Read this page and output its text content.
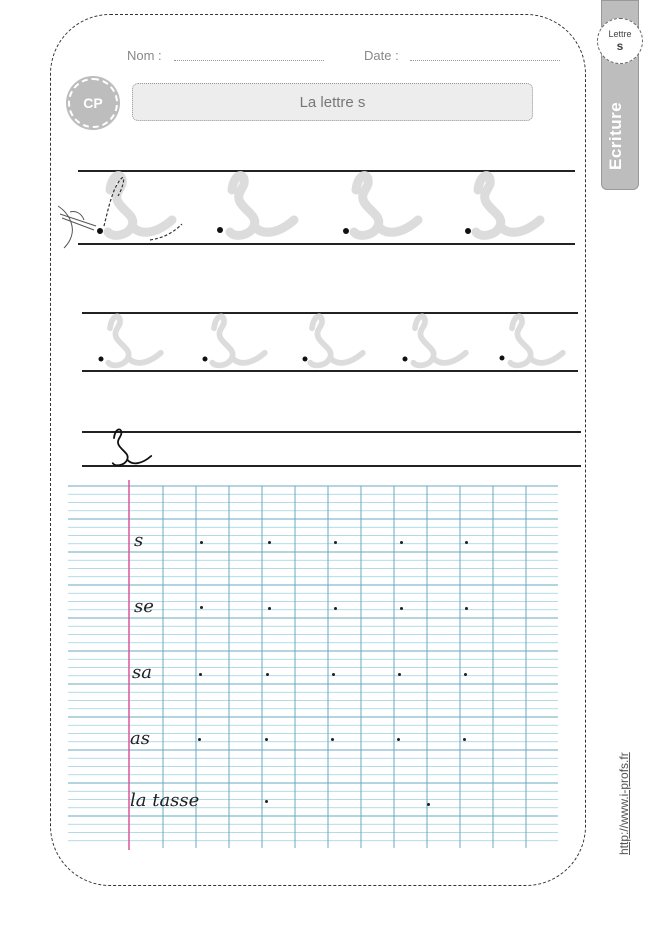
Nom :	Date :
CP	La lettre s
Lettre
s
Ecriture
s
se
sa
as
la tasse	http://www.i-profs.fr
